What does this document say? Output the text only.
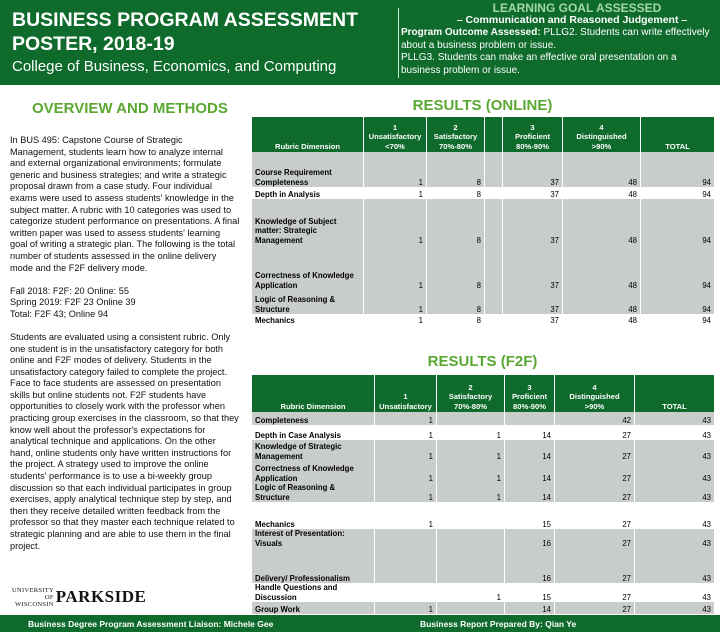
BUSINESS PROGRAM ASSESSMENT POSTER, 2018-19
College of Business, Economics, and Computing
LEARNING GOAL ASSESSED
– Communication and Reasoned Judgement –
Program Outcome Assessed: PLLG2. Students can write effectively about a business problem or issue.
PLLG3. Students can make an effective oral presentation on a business problem or issue.
OVERVIEW AND METHODS

In BUS 495: Capstone Course of Strategic Management, students learn how to analyze internal and external organizational environments; formulate generic and business strategies; and write a strategic proposal drawn from a case study. Four individual exams were used to assess students' knowledge in the subject matter. A rubric with 10 categories was used to categorize student performance on presentations. A final written paper was used to assess students' learning goal of writing a strategic plan. The following is the total number of students assessed in the online delivery mode and the F2F delivery mode.

Fall 2018: F2F: 20 Online: 55
Spring 2019: F2F 23 Online 39

Total: F2F 43; Online 94

Students are evaluated using a consistent rubric. Only one student is in the unsatisfactory category for both online and F2F modes of delivery. Students in the unsatisfactory category failed to complete the project. Face to face students are assessed on presentation skills but online students not. F2F students have opportunities to closely work with the professor when practicing group exercises in the classroom, so that they know well about the professor's expectations for analytical technique and applications. On the other hand, online students only have written instructions for the project. A strategy used to improve the online students' performance is to use a bi-weekly group discussion so that each individual participates in group exercises, apply analytical technique step by step, and then they receive detailed written feedback from the professor so that they master each technique related to strategic planning and are able to use them in the final project.

UNIVERSITY OF
WISCONSIN PARKSIDE
RESULTS (ONLINE)
Rubric Dimension	1
Unsatisfactory
<70%	2
Satisfactory
70%-80%		3
Proficient
80%-90%	4
Distinguished
>90%	TOTAL
Course Requirement Completeness	1	8		37	48	94
Depth in Analysis	1	8		37	48	94
Knowledge of Subject matter: Strategic Management	1	8		37	48	94
Correctness of Knowledge Application	1	8		37	48	94
Logic of Reasoning & Structure	1	8		37	48	94
Mechanics	1	8		37	48	94
RESULTS (F2F)
Rubric Dimension	1
Unsatisfactory	2
Satisfactory
70%-80%	3
Proficient
80%-90%	4
Distinguished
>90%	TOTAL
Completeness	1			42	43
Depth in Case Analysis	1	1	14	27	43
Knowledge of Strategic Management	1	1	14	27	43
Correctness of Knowledge Application	1	1	14	27	43
Logic of Reasoning & Structure	1	1	14	27	43
Mechanics	1		15	27	43
Interest of Presentation: Visuals			16	27	43
Delivery/ Professionalism			16	27	43
Handle Questions and Discussion		1	15	27	43
Group Work	1		14	27	43
Business Degree Program Assessment Liaison: Michele Gee	Business Report Prepared By: Qian Ye
